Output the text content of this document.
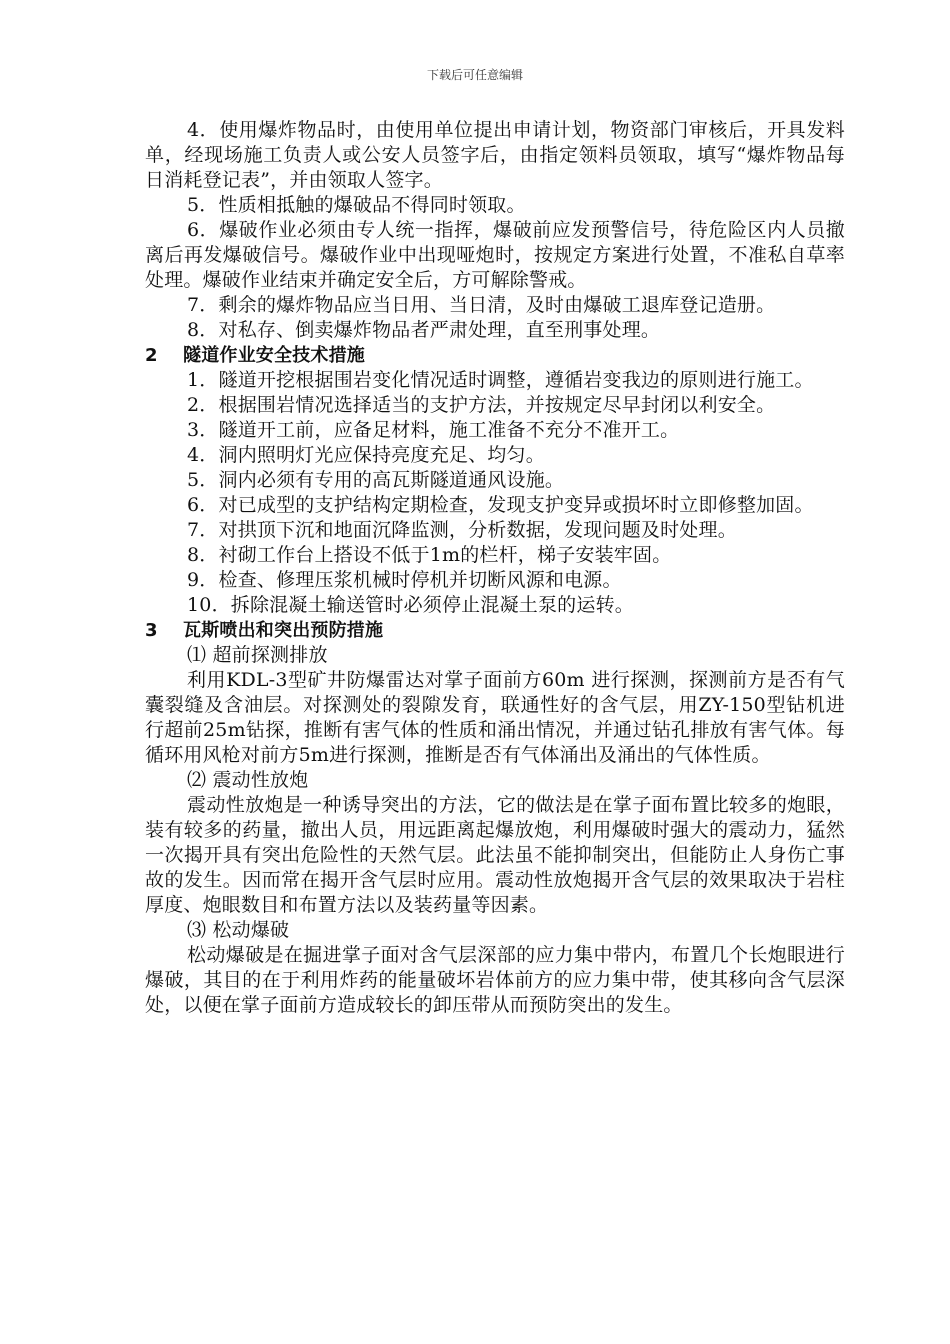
下载后可任意编辑

4．使用爆炸物品时，由使用单位提出申请计划，物资部门审核后，开具发料单，经现场施工负责人或公安人员签字后，由指定领料员领取，填写“爆炸物品每日消耗登记表”，并由领取人签字。

5．性质相抵触的爆破品不得同时领取。

6．爆破作业必须由专人统一指挥，爆破前应发预警信号，待危险区内人员撤离后再发爆破信号。爆破作业中出现哑炮时，按规定方案进行处置，不准私自草率处理。爆破作业结束并确定安全后，方可解除警戒。

7．剩余的爆炸物品应当日用、当日清，及时由爆破工退库登记造册。

8．对私存、倒卖爆炸物品者严肃处理，直至刑事处理。

2 隧道作业安全技术措施

1．隧道开挖根据围岩变化情况适时调整，遵循岩变我边的原则进行施工。

2．根据围岩情况选择适当的支护方法，并按规定尽早封闭以利安全。

3．隧道开工前，应备足材料，施工准备不充分不准开工。

4．洞内照明灯光应保持亮度充足、均匀。

5．洞内必须有专用的高瓦斯隧道通风设施。

6．对已成型的支护结构定期检查，发现支护变异或损坏时立即修整加固。

7．对拱顶下沉和地面沉降监测，分析数据，发现问题及时处理。

8．衬砌工作台上搭设不低于1m的栏杆，梯子安装牢固。

9．检查、修理压浆机械时停机并切断风源和电源。

10．拆除混凝土输送管时必须停止混凝土泵的运转。

3 瓦斯喷出和突出预防措施

⑴ 超前探测排放

利用KDL-3型矿井防爆雷达对掌子面前方60m 进行探测，探测前方是否有气囊裂缝及含油层。对探测处的裂隙发育，联通性好的含气层，用ZY-150型钻机进行超前25m钻探，推断有害气体的性质和涌出情况，并通过钻孔排放有害气体。每循环用风枪对前方5m进行探测，推断是否有气体涌出及涌出的气体性质。

⑵ 震动性放炮

震动性放炮是一种诱导突出的方法，它的做法是在掌子面布置比较多的炮眼，装有较多的药量，撤出人员，用远距离起爆放炮，利用爆破时强大的震动力，猛然一次揭开具有突出危险性的天然气层。此法虽不能抑制突出，但能防止人身伤亡事故的发生。因而常在揭开含气层时应用。震动性放炮揭开含气层的效果取决于岩柱厚度、炮眼数目和布置方法以及装药量等因素。

⑶ 松动爆破

松动爆破是在掘进掌子面对含气层深部的应力集中带内，布置几个长炮眼进行爆破，其目的在于利用炸药的能量破坏岩体前方的应力集中带，使其移向含气层深处，以便在掌子面前方造成较长的卸压带从而预防突出的发生。
